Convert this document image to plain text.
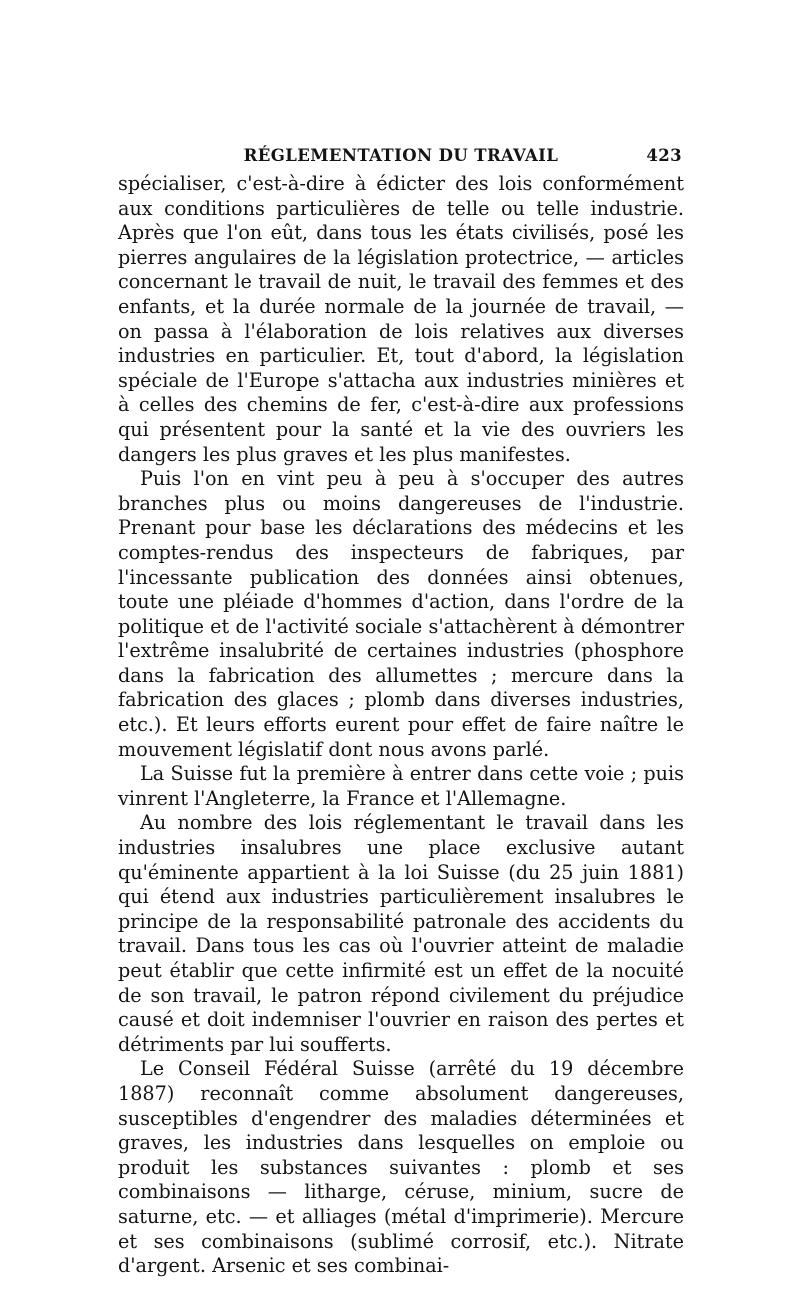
RÉGLEMENTATION DU TRAVAIL	423

spécialiser, c'est-à-dire à édicter des lois conformément aux conditions particulières de telle ou telle industrie. Après que l'on eût, dans tous les états civilisés, posé les pierres angulaires de la législation protectrice, — articles concernant le travail de nuit, le travail des femmes et des enfants, et la durée normale de la journée de travail, — on passa à l'élaboration de lois relatives aux diverses industries en particulier. Et, tout d'abord, la législation spéciale de l'Europe s'attacha aux industries minières et à celles des chemins de fer, c'est-à-dire aux professions qui présentent pour la santé et la vie des ouvriers les dangers les plus graves et les plus manifestes.

Puis l'on en vint peu à peu à s'occuper des autres branches plus ou moins dangereuses de l'industrie. Prenant pour base les déclarations des médecins et les comptes-rendus des inspecteurs de fabriques, par l'incessante publication des données ainsi obtenues, toute une pléiade d'hommes d'action, dans l'ordre de la politique et de l'activité sociale s'attachèrent à démontrer l'extrême insalubrité de certaines industries (phosphore dans la fabrication des allumettes ; mercure dans la fabrication des glaces ; plomb dans diverses industries, etc.). Et leurs efforts eurent pour effet de faire naître le mouvement législatif dont nous avons parlé.

La Suisse fut la première à entrer dans cette voie ; puis vinrent l'Angleterre, la France et l'Allemagne.

Au nombre des lois réglementant le travail dans les industries insalubres une place exclusive autant qu'éminente appartient à la loi Suisse (du 25 juin 1881) qui étend aux industries particulièrement insalubres le principe de la responsabilité patronale des accidents du travail. Dans tous les cas où l'ouvrier atteint de maladie peut établir que cette infirmité est un effet de la nocuité de son travail, le patron répond civilement du préjudice causé et doit indemniser l'ouvrier en raison des pertes et détriments par lui soufferts.

Le Conseil Fédéral Suisse (arrêté du 19 décembre 1887) reconnaît comme absolument dangereuses, susceptibles d'engendrer des maladies déterminées et graves, les industries dans lesquelles on emploie ou produit les substances suivantes : plomb et ses combinaisons — litharge, céruse, minium, sucre de saturne, etc. — et alliages (métal d'imprimerie). Mercure et ses combinaisons (sublimé corrosif, etc.). Nitrate d'argent. Arsenic et ses combinai-
